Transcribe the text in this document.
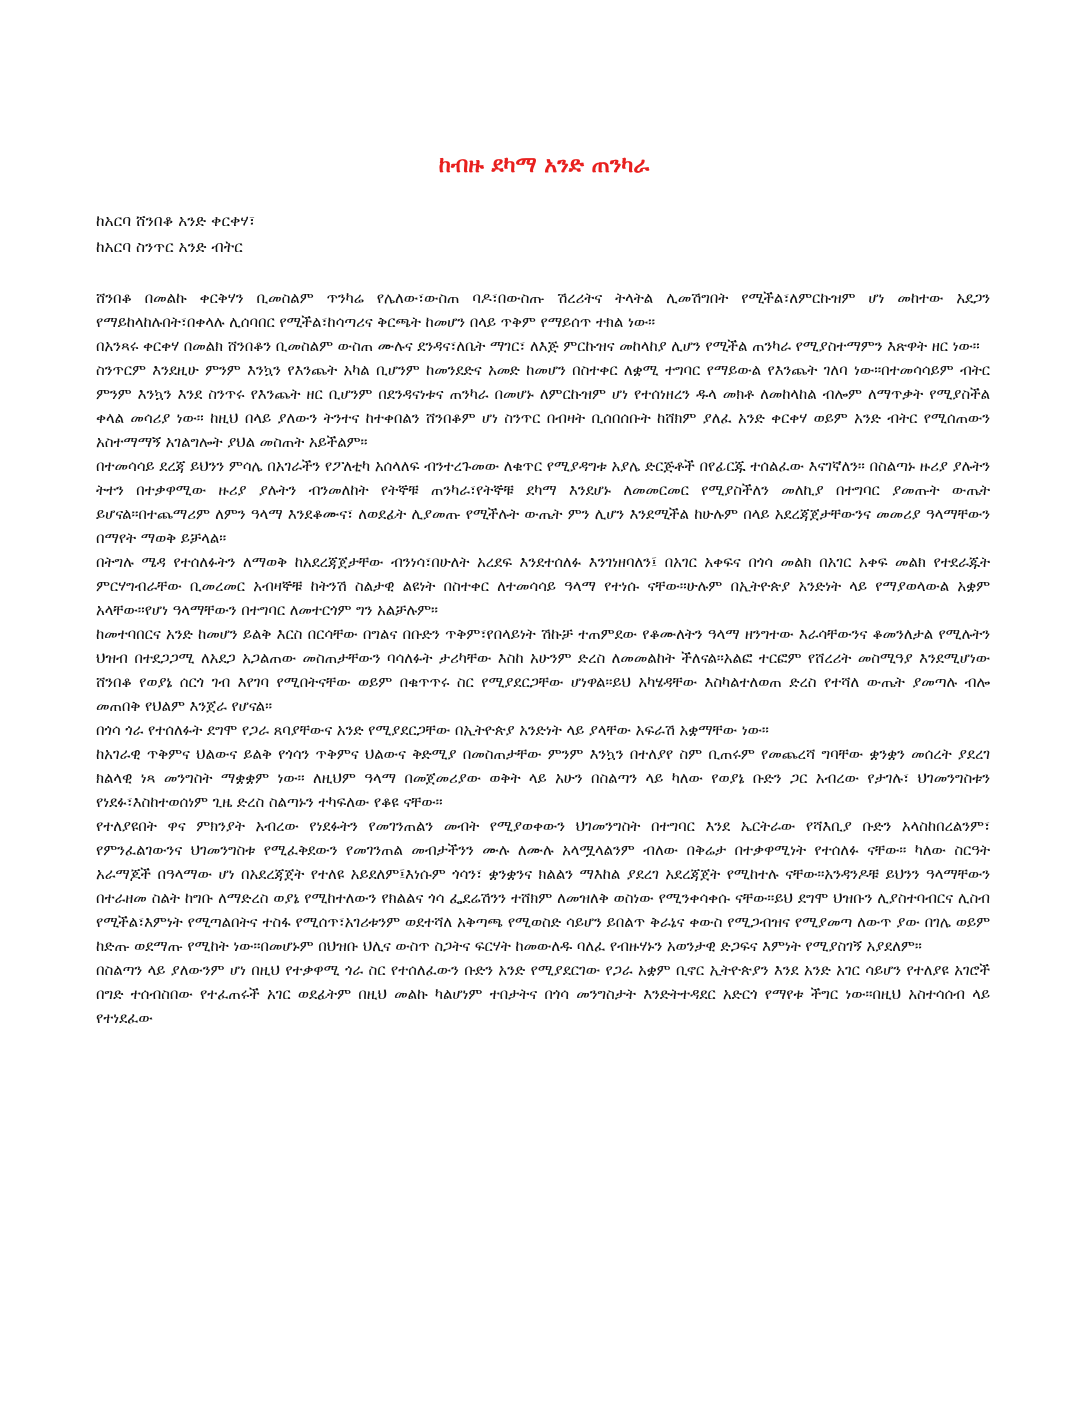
ከብዙ ደካማ አንድ ጠንካራ
ከአርባ ሸንበቆ አንድ ቀርቀሃ፣
ከአርባ ስንጥር አንድ ብትር

ሸንበቆ በመልኩ ቀርቅሃን ቢመስልም ጥንካሬ የሌለው፣ውስጠ ባዶ፣በውስጡ ሽረሪትና ትላትል ሊመሽግበት የሚችል፣ለምርኩዝም ሆነ መከተው አደጋን የማይከላከሉበት፣በቀላሉ ሊሰባበር የሚችል፣ከሳጣሪና ቅርጫት ከመሆን በላይ ጥቅም የማይሰጥ ተክል ነው።

በአንጻሩ ቀርቀሃ በመልክ ሸንበቆን ቢመስልም ውስጠ ሙሉና ደንዳና፣ለቤት ማገር፣ ለእጅ ምርኩዝና መከላከያ ሊሆን የሚችል ጠንካራ የሚያስተማምን እጽዋት ዘር ነው።

ስንጥርም እንደዚሁ ምንም እንኳን የእንጨት አካል ቢሆንም ከመንደድና አመድ ከመሆን በስተቀር ለቋሚ ተግባር የማይውል የእንጨት ገለባ ነው።በተመሳሳይም ብትር ምንም እንኳን እንደ ስንጥሩ የእንጨት ዘር ቢሆንም በደንዳናነቱና ጠንካራ በመሆኑ ለምርኩዝም ሆነ የተሰነዘረን ዱላ መክቶ ለመከላከል ብሎም ለማጥቃት የሚያስችል ቀላል መሳሪያ ነው። ከዚህ በላይ ያለውን ትንተና ከተቀበልን ሸንበቆም ሆነ ስንጥር በብዛት ቢሰበሰቡት ከሸክም ያለፈ አንድ ቀርቀሃ ወይም አንድ ብትር የሚሰጠውን አስተማማኝ አገልግሎት ያህል መስጠት አይችልም።

በተመሳሳይ ደረጃ ይህንን ምሳሌ በአገራችን የፖለቲካ አሰላለፍ ብንተረጉመው ለቁጥር የሚያዳግቱ አያሌ ድርጅቶች በየፊርጁ ተሰልፈው እናገኛለን። በስልጣኑ ዙሪያ ያሉትን ትተን በተቃዋሚው ዙሪያ ያሉትን ብንመለከት የትኞቹ ጠንካራ፣የትኞቹ ደካማ እንደሆኑ ለመመርመር የሚያስችለን መለኪያ በተግባር ያመጡት ውጤት ይሆናል።በተጨማሪም ለምን ዓላማ እንደቆሙና፣ ለወደፊት ሊያመጡ የሚችሉት ውጤት ምን ሊሆን እንደሚችል ከሁሉም በላይ አደረጃጀታቸውንና መመሪያ ዓላማቸውን በማየት ማወቅ ይቻላል።

በትግሉ ሜዳ የተሰለፉትን ለማወቅ ከአደረጃጀታቸው ብንነሳ፣በሁለት አረደፍ እንደተሰለፉ እንገነዘባለን፤ በአገር አቀፍና በጎሳ መልክ በአገር አቀፍ መልክ የተደራጁት ምርሃግብራቸው ቢመረመር አብዛኞቹ ከትንሽ ስልታዊ ልዩነት በስተቀር ለተመሳሳይ ዓላማ የተነሱ ናቸው።ሁሉም በኢትዮጵያ አንድነት ላይ የማያወላውል አቋም አላቸው።የሆነ ዓላማቸውን በተግባር ለመተርጎም ግን አልቻሉም።

ከመተባበርና አንድ ከመሆን ይልቅ እርስ በርሳቸው በግልና በቡድን ጥቅም፣የበላይነት ሽኩቻ ተጠምደው የቆሙለትን ዓላማ ዘንግተው እራሳቸውንና ቆመንለታል የሚሉትን ህዝብ በተደጋጋሚ ለአደጋ አጋልጠው መስጠታቸውን ባሳለፉት ታሪካቸው እስከ አሁንም ድረስ ለመመልከት ችለናል።አልፎ ተርፎም የሸረሪት መስሚዓያ እንደሚሆነው ሸንበቆ የወያኔ ሰርጎ ገብ እየገባ የሚበትናቸው ወይም በቁጥጥሩ ስር የሚያደርጋቸው ሆነዋል።ይህ አካሄዳቸው እስካልተለወጠ ድረስ የተሻለ ውጤት ያመጣሉ ብሎ መጠበቅ የህልም እንጀራ የሆናል።

በጎሳ ጎራ የተሰለፉት ደግሞ የጋራ ጸባያቸውና አንድ የሚያደርጋቸው በኢትዮጵያ አንድነት ላይ ያላቸው አፍራሽ አቋማቸው ነው።

ከአገራዊ ጥቅምና ህልውና ይልቅ የጎሳን ጥቅምና ህልውና ቅድሚያ በመስጠታቸው ምንም እንኳን በተለያየ ስም ቢጠሩም የመጨረሻ ግባቸው ቋንቋን መሰረት ያደረገ ክልላዊ ነጻ መንግስት ማቋቋም ነው። ለዚህም ዓላማ በመጀመሪያው ወቅት ላይ አሁን በስልጣን ላይ ካለው የወያኔ ቡድን ጋር አብረው የታገሉ፣ ህገመንግስቱን የነደፉ፣እስከተወሰነም ጊዜ ድረስ ስልጣኑን ተካፍለው የቆዩ ናቸው።

የተለያዩበት ዋና ምክንያት አብረው የነደፉትን የመገንጠልን መብት የሚያወቀውን ህገመንግስት በተግባር እንደ ኤርትራው የሻእቢያ ቡድን አላስከበረልንም፣ የምንፈልገውንና ህገመንግስቱ የሚፈቅደውን የመገንጠል መብታችንን ሙሉ ለሙሉ አላሟላልንም ብለው በቅሬታ በተቃዋሚነት የተሰለፉ ናቸው። ካለው ስርዓት አራማጆች በዓላማው ሆነ በአደረጃጀት የተለዩ አይደለም፤እነሱም ጎሳን፣ ቋንቋንና ክልልን ማእከል ያደረገ አደረጃጀት የሚከተሉ ናቸው።አንዳንዶቹ ይህንን ዓላማቸውን በተራዘመ ስልት ከግቡ ለማድረስ ወያኔ የሚከተለውን የክልልና ጎሳ ፌደሬሽንን ተሸክም ለመዝለቅ ወስነው የሚንቀሳቀሱ ናቸው።ይህ ደግሞ ህዝቡን ሊያስተባብርና ሊስብ የሚችል፣እምነት የሚጣልበትና ተስፋ የሚሰጥ፣አገሪቱንም ወደተሻለ አቅጣጫ የሚወስድ ሳይሆን ይበልጥ ቅራኔና ቀውስ የሚጋብዝና የሚያመጣ ለውጥ ያው በገሌ ወይም ከድጡ ወደማጡ የሚከት ነው።በመሆኑም በህዝቡ ህሊና ውስጥ ስጋትና ፍርሃት ከመውለዱ ባለፈ የብዙሃኑን አወንታዊ ድጋፍና እምነት የሚያስገኝ አያደለም።

በስልጣን ላይ ያለውንም ሆነ በዚህ የተቃዋሚ ጎራ ስር የተሰለፈውን ቡድን አንድ የሚያደርገው የጋራ አቋም ቢኖር ኢትዮጵያን እንደ አንድ አገር ሳይሆን የተለያዩ አገሮች በግድ ተሰብስበው የተፈጠሩች አገር ወደፊትም በዚህ መልኩ ካልሆነም ተበታትና በጎሳ መንግስታት እንድትተዳደር አድርጎ የማየቱ ችግር ነው።በዚህ አስተሳሰብ ላይ የተነደፈው
